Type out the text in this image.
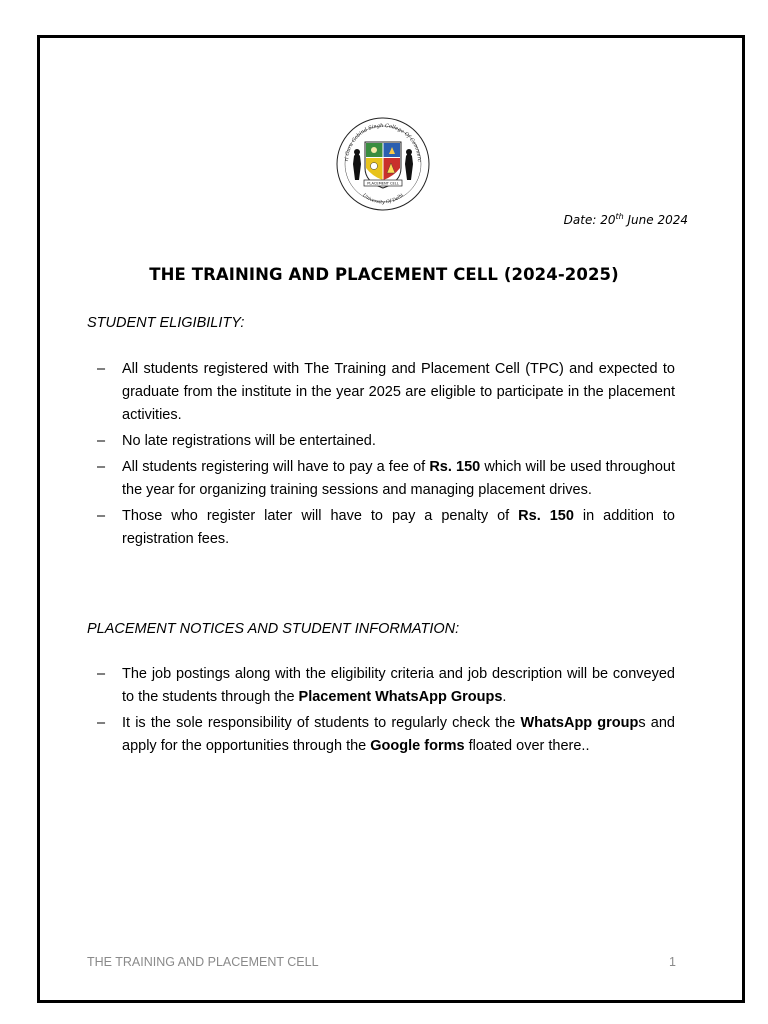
ri Guru Gobind Singh College Of Commerc
PLACEMENT CELL
University Of Delhi
Date: 20th June 2024
THE TRAINING AND PLACEMENT CELL (2024-2025)
STUDENT ELIGIBILITY:
– All students registered with The Training and Placement Cell (TPC) and expected to graduate from the institute in the year 2025 are eligible to participate in the placement activities.
– No late registrations will be entertained.
– All students registering will have to pay a fee of Rs. 150 which will be used throughout the year for organizing training sessions and managing placement drives.
– Those who register later will have to pay a penalty of Rs. 150 in addition to registration fees.
PLACEMENT NOTICES AND STUDENT INFORMATION:
– The job postings along with the eligibility criteria and job description will be conveyed to the students through the Placement WhatsApp Groups.
– It is the sole responsibility of students to regularly check the WhatsApp groups and apply for the opportunities through the Google forms floated over there..
THE TRAINING AND PLACEMENT CELL	1
